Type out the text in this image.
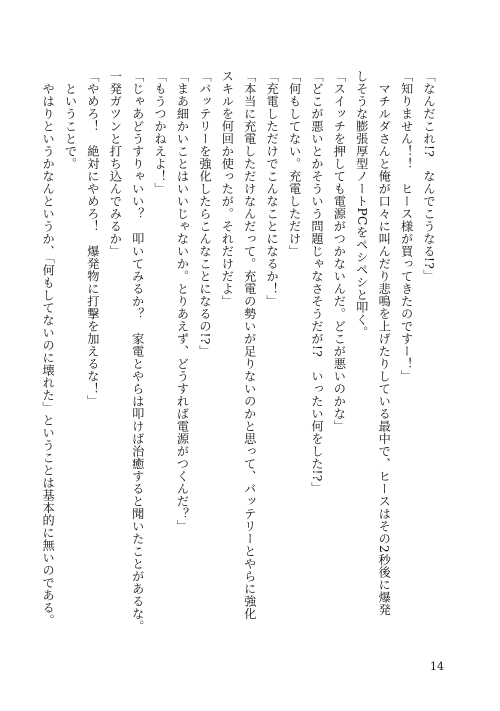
「なんだこれ!?　なんでこうなる!?」
「知りません！！　ヒース様が買ってきたのですー！」
　マチルダさんと俺が口々に叫んだり悲鳴を上げたりしている最中で、ヒースはその2秒後に爆発
しそうな膨張厚型ノートPCをペシペシと叩く。
「スイッチを押しても電源がつかないんだ。どこが悪いのかな」
「どこが悪いとかそういう問題じゃなさそうだが!?　いったい何をした!?」
「何もしてない。充電しただけ」
「充電しただけでこんなことになるか！」
「本当に充電しただけなんだって。充電の勢いが足りないのかと思って、バッテリーとやらに強化
スキルを何回か使ったが。それだけだよ」
「バッテリーを強化したらこんなことになるの!?」
「まあ細かいことはいいじゃないか。とりあえず、どうすれば電源がつくんだ？」
「もうつかねえよ！」
「じゃあどうすりゃいい？　叩いてみるか？　家電とやらは叩けば治癒すると聞いたことがあるな。
一発ガツンと打ち込んでみるか」
「やめろ！　絶対にやめろ！　爆発物に打撃を加えるな！」
　ということで。
　やはりというかなんというか、「何もしてないのに壊れた」ということは基本的に無いのである。
14
